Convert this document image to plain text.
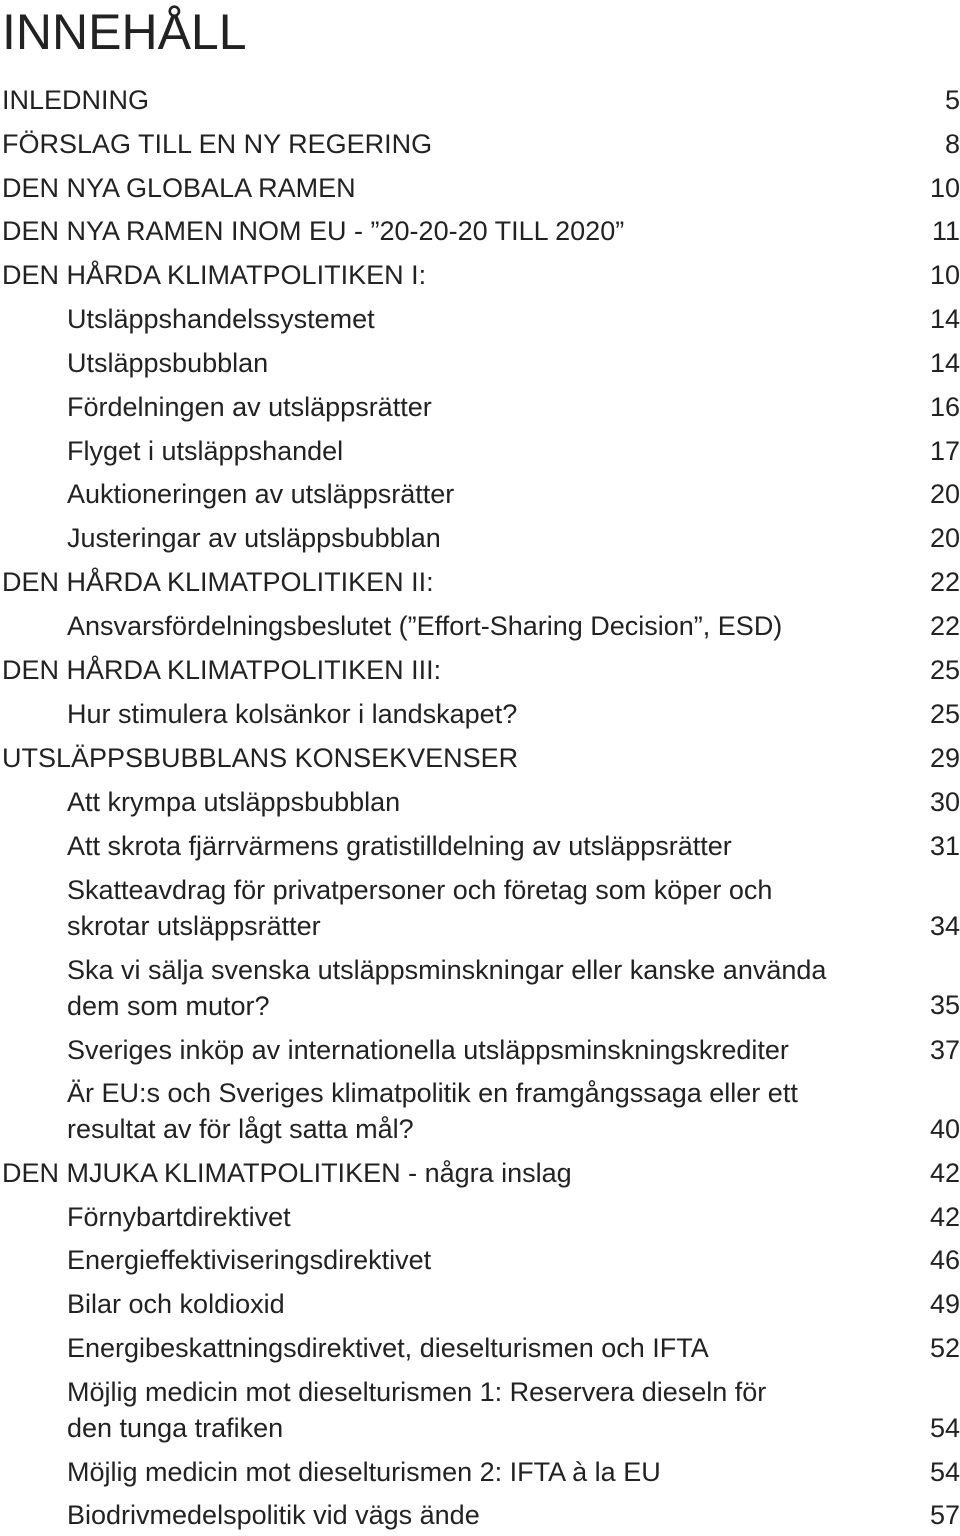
INNEHÅLL
INLEDNING	5
FÖRSLAG TILL EN NY REGERING	8
DEN NYA GLOBALA RAMEN	10
DEN NYA RAMEN INOM EU - ”20-20-20 TILL 2020”	11
DEN HÅRDA KLIMATPOLITIKEN I:	10
Utsläppshandelssystemet	14
Utsläppsbubblan	14
Fördelningen av utsläppsrätter	16
Flyget i utsläppshandel	17
Auktioneringen av utsläppsrätter	20
Justeringar av utsläppsbubblan	20
DEN HÅRDA KLIMATPOLITIKEN II:	22
Ansvarsfördelningsbeslutet (”Effort-Sharing Decision”, ESD)	22
DEN HÅRDA KLIMATPOLITIKEN III:	25
Hur stimulera kolsänkor i landskapet?	25
UTSLÄPPSBUBBLANS KONSEKVENSER	29
Att krympa utsläppsbubblan	30
Att skrota fjärrvärmens gratistilldelning av utsläppsrätter	31
Skatteavdrag för privatpersoner och företag som köper och
skrotar utsläppsrätter	34
Ska vi sälja svenska utsläppsminskningar eller kanske använda
dem som mutor?	35
Sveriges inköp av internationella utsläppsminskningskrediter	37
Är EU:s och Sveriges klimatpolitik en framgångssaga eller ett
resultat av för lågt satta mål?	40
DEN MJUKA KLIMATPOLITIKEN - några inslag	42
Förnybartdirektivet	42
Energieffektiviseringsdirektivet	46
Bilar och koldioxid	49
Energibeskattningsdirektivet, dieselturismen och IFTA	52
Möjlig medicin mot dieselturismen 1: Reservera dieseln för
den tunga trafiken	54
Möjlig medicin mot dieselturismen 2: IFTA à la EU	54
Biodrivmedelspolitik vid vägs ände	57
